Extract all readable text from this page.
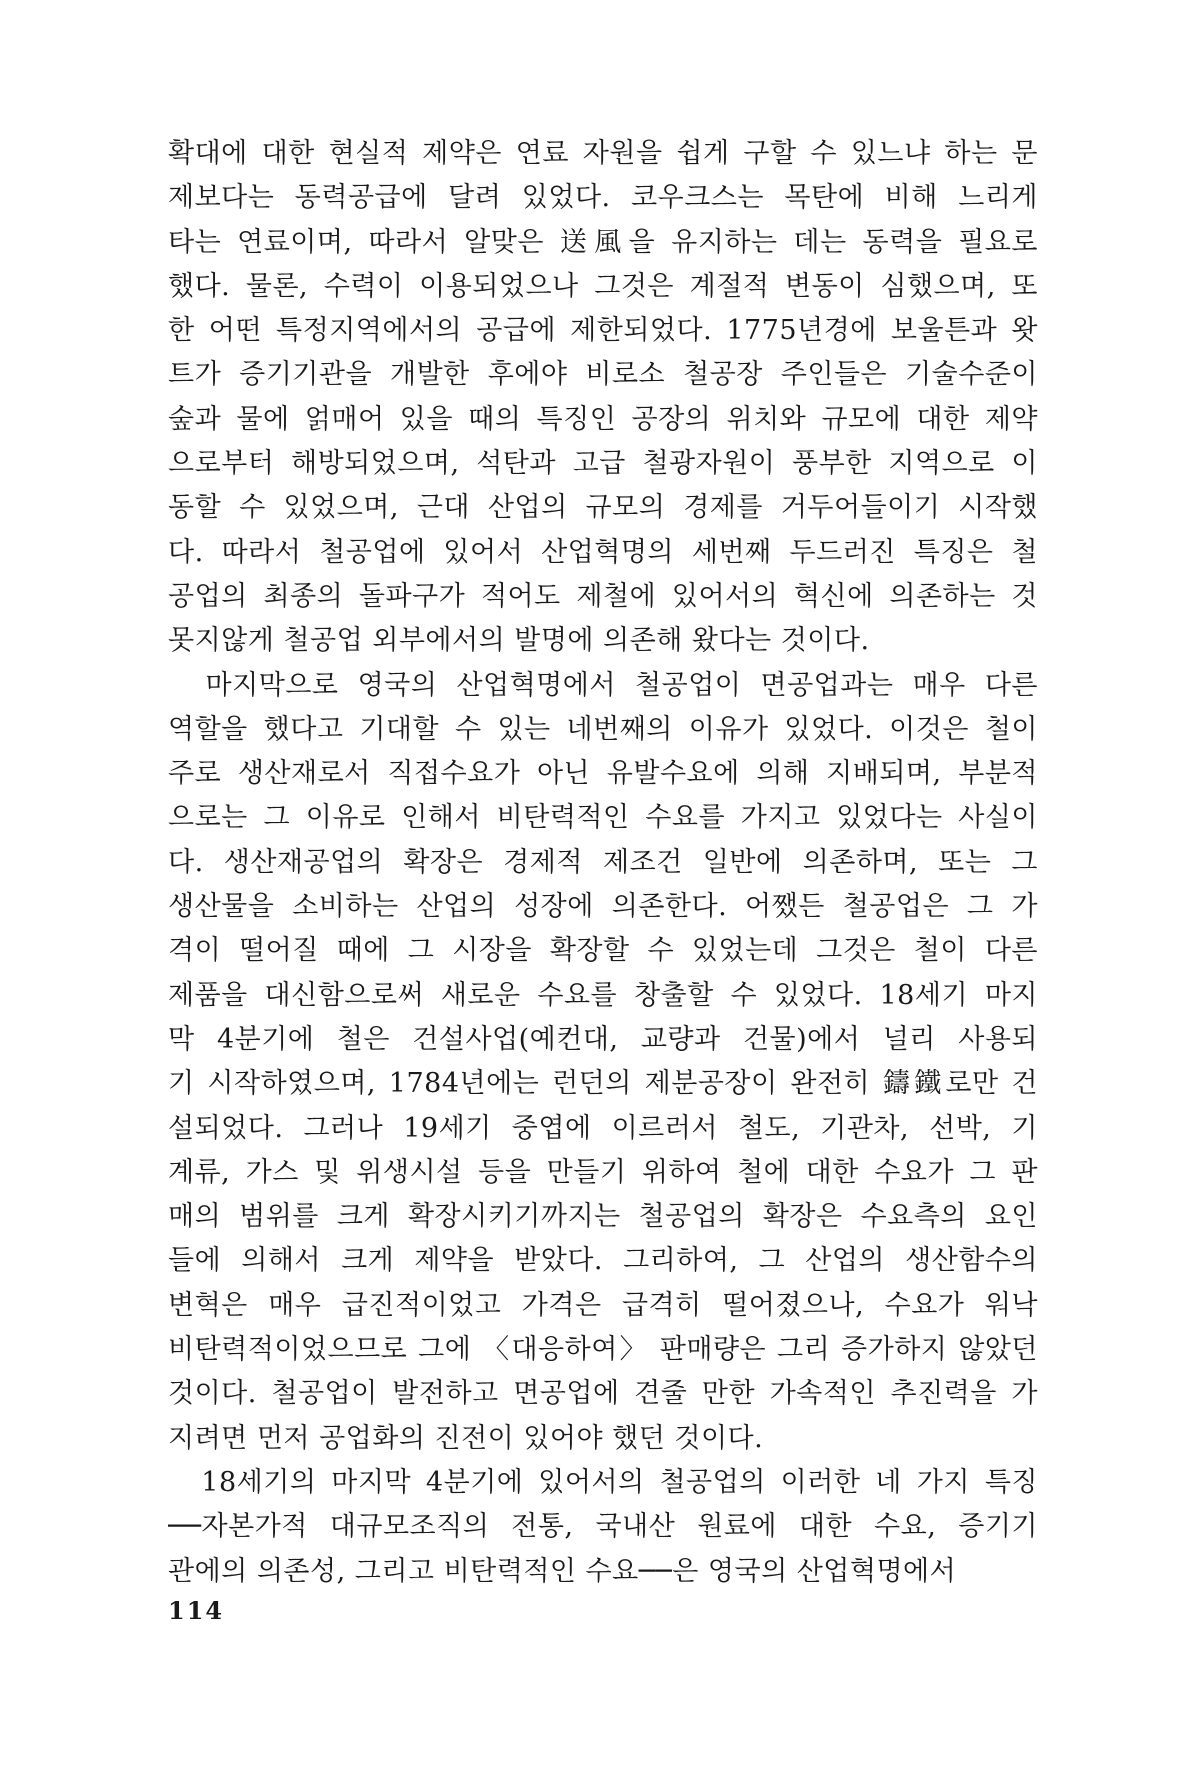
확대에 대한 현실적 제약은 연료 자원을 쉽게 구할 수 있느냐 하는 문
제보다는 동력공급에 달려 있었다. 코우크스는 목탄에 비해 느리게
타는 연료이며, 따라서 알맞은 送風을 유지하는 데는 동력을 필요로
했다. 물론, 수력이 이용되었으나 그것은 계절적 변동이 심했으며, 또
한 어떤 특정지역에서의 공급에 제한되었다. 1775년경에 보울튼과 왓
트가 증기기관을 개발한 후에야 비로소 철공장 주인들은 기술수준이
숲과 물에 얽매어 있을 때의 특징인 공장의 위치와 규모에 대한 제약
으로부터 해방되었으며, 석탄과 고급 철광자원이 풍부한 지역으로 이
동할 수 있었으며, 근대 산업의 규모의 경제를 거두어들이기 시작했
다. 따라서 철공업에 있어서 산업혁명의 세번째 두드러진 특징은 철
공업의 최종의 돌파구가 적어도 제철에 있어서의 혁신에 의존하는 것
못지않게 철공업 외부에서의 발명에 의존해 왔다는 것이다.
　마지막으로 영국의 산업혁명에서 철공업이 면공업과는 매우 다른
역할을 했다고 기대할 수 있는 네번째의 이유가 있었다. 이것은 철이
주로 생산재로서 직접수요가 아닌 유발수요에 의해 지배되며, 부분적
으로는 그 이유로 인해서 비탄력적인 수요를 가지고 있었다는 사실이
다. 생산재공업의 확장은 경제적 제조건 일반에 의존하며, 또는 그
생산물을 소비하는 산업의 성장에 의존한다. 어쨌든 철공업은 그 가
격이 떨어질 때에 그 시장을 확장할 수 있었는데 그것은 철이 다른
제품을 대신함으로써 새로운 수요를 창출할 수 있었다. 18세기 마지
막 4분기에 철은 건설사업(예컨대, 교량과 건물)에서 널리 사용되
기 시작하였으며, 1784년에는 런던의 제분공장이 완전히 鑄鐵로만 건
설되었다. 그러나 19세기 중엽에 이르러서 철도, 기관차, 선박, 기
계류, 가스 및 위생시설 등을 만들기 위하여 철에 대한 수요가 그 판
매의 범위를 크게 확장시키기까지는 철공업의 확장은 수요측의 요인
들에 의해서 크게 제약을 받았다. 그리하여, 그 산업의 생산함수의
변혁은 매우 급진적이었고 가격은 급격히 떨어졌으나, 수요가 워낙
비탄력적이었으므로 그에 〈대응하여〉 판매량은 그리 증가하지 않았던
것이다. 철공업이 발전하고 면공업에 견줄 만한 가속적인 추진력을 가
지려면 먼저 공업화의 진전이 있어야 했던 것이다.
　18세기의 마지막 4분기에 있어서의 철공업의 이러한 네 가지 특징
──자본가적 대규모조직의 전통, 국내산 원료에 대한 수요, 증기기
관에의 의존성, 그리고 비탄력적인 수요──은 영국의 산업혁명에서
114
